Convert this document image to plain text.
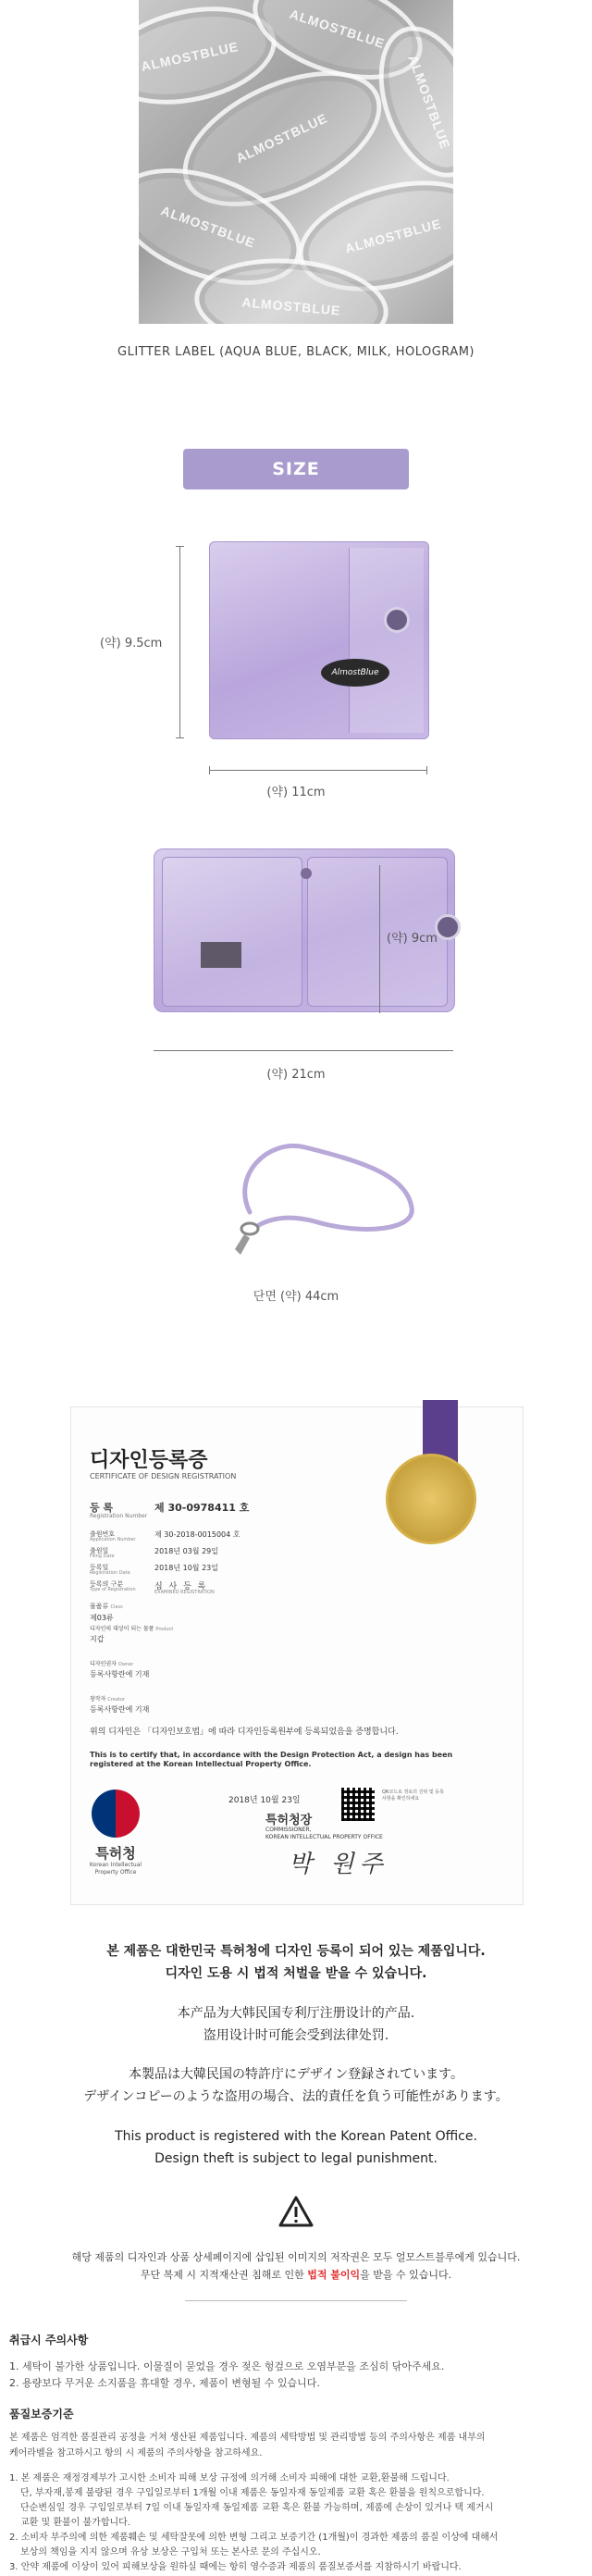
ALMOSTBLUE
ALMOSTBLUE
ALMOSTBLUE	ALMOSTBLUE
ALMOSTBLUE	ALMOSTBLUE
ALMOSTBLUE
GLITTER LABEL (AQUA BLUE, BLACK, MILK, HOLOGRAM)
SIZE
(약) 9.5cm
AlmostBlue
(약) 11cm
(약) 9cm
(약) 21cm
단면 (약) 44cm
디자인등록증
CERTIFICATE OF DESIGN REGISTRATION
등 록
Registration Number
제 30-0978411 호
출원번호
Application Number
제 30-2018-0015004 호
출원일
Filing Date
2018년 03월 29일
등록일
Registration Date
2018년 10월 23일
등록의 구분
Type of Registration 심 사 등 록
EXAMINED REGISTRATION
물품류 Class
제03류
디자인의 대상이 되는 물품 Product
지갑
디자인권자 Owner
등록사항란에 기재
창작자 Creator
등록사항란에 기재
위의 디자인은 「디자인보호법」에 따라 디자인등록원부에 등록되었음을 증명합니다.
This is to certify that, in accordance with the Design Protection Act, a design has been registered at the Korean Intellectual Property Office.
특허청
Korean Intellectual
Property Office
2018년 10월 23일
QR코드로 정보의 진위 및 등록사항을 확인하세요
특허청장
COMMISSIONER,
KOREAN INTELLECTUAL PROPERTY OFFICE
박 원주
본 제품은 대한민국 특허청에 디자인 등록이 되어 있는 제품입니다.
디자인 도용 시 법적 처벌을 받을 수 있습니다.
本产品为大韩民国专利厅注册设计的产品.
盗用设计时可能会受到法律处罚.
本製品は大韓民国の特許庁にデザイン登録されています。
デザインコピーのような盗用の場合、法的責任を負う可能性があります。
This product is registered with the Korean Patent Office.
Design theft is subject to legal punishment.
해당 제품의 디자인과 상품 상세페이지에 삽입된 이미지의 저작권은 모두 얼모스트블루에게 있습니다.
무단 복제 시 지적재산권 침해로 인한 법적 불이익을 받을 수 있습니다.
취급시 주의사항
1. 세탁이 불가한 상품입니다. 이물질이 묻었을 경우 젖은 헝겊으로 오염부분을 조심히 닦아주세요.
2. 용량보다 무거운 소지품을 휴대할 경우, 제품이 변형될 수 있습니다.
품질보증기준
본 제품은 엄격한 품질관리 공정을 거쳐 생산된 제품입니다. 제품의 세탁방법 및 관리방법 등의 주의사항은 제품 내부의
케어라벨을 참고하시고 항의 시 제품의 주의사항을 참고하세요.
1. 본 제품은 재정경제부가 고시한 소비자 피해 보상 규정에 의거해 소비자 피해에 대한 교환,환불해 드립니다.
단, 부자재,봉제 불량된 경우 구입일로부터 1개월 이내 제품은 동일자재 동일제품 교환 혹은 환불을 원칙으로합니다.
단순변심일 경우 구입일로부터 7일 이내 동일자재 동일제품 교환 혹은 환불 가능하며, 제품에 손상이 있거나 택 제거시
교환 및 환불이 불가합니다.
2. 소비자 부주의에 의한 제품훼손 및 세탁잘못에 의한 변형 그리고 보증기간 (1개월)이 경과한 제품의 품질 이상에 대해서
보상의 책임을 지지 않으며 유상 보상은 구입처 또는 본사로 문의 주십시오.
3. 안약 제품에 이상이 있어 피해보상을 원하실 때에는 항히 영수증과 제품의 품질보증서를 지참하시기 바랍니다.
